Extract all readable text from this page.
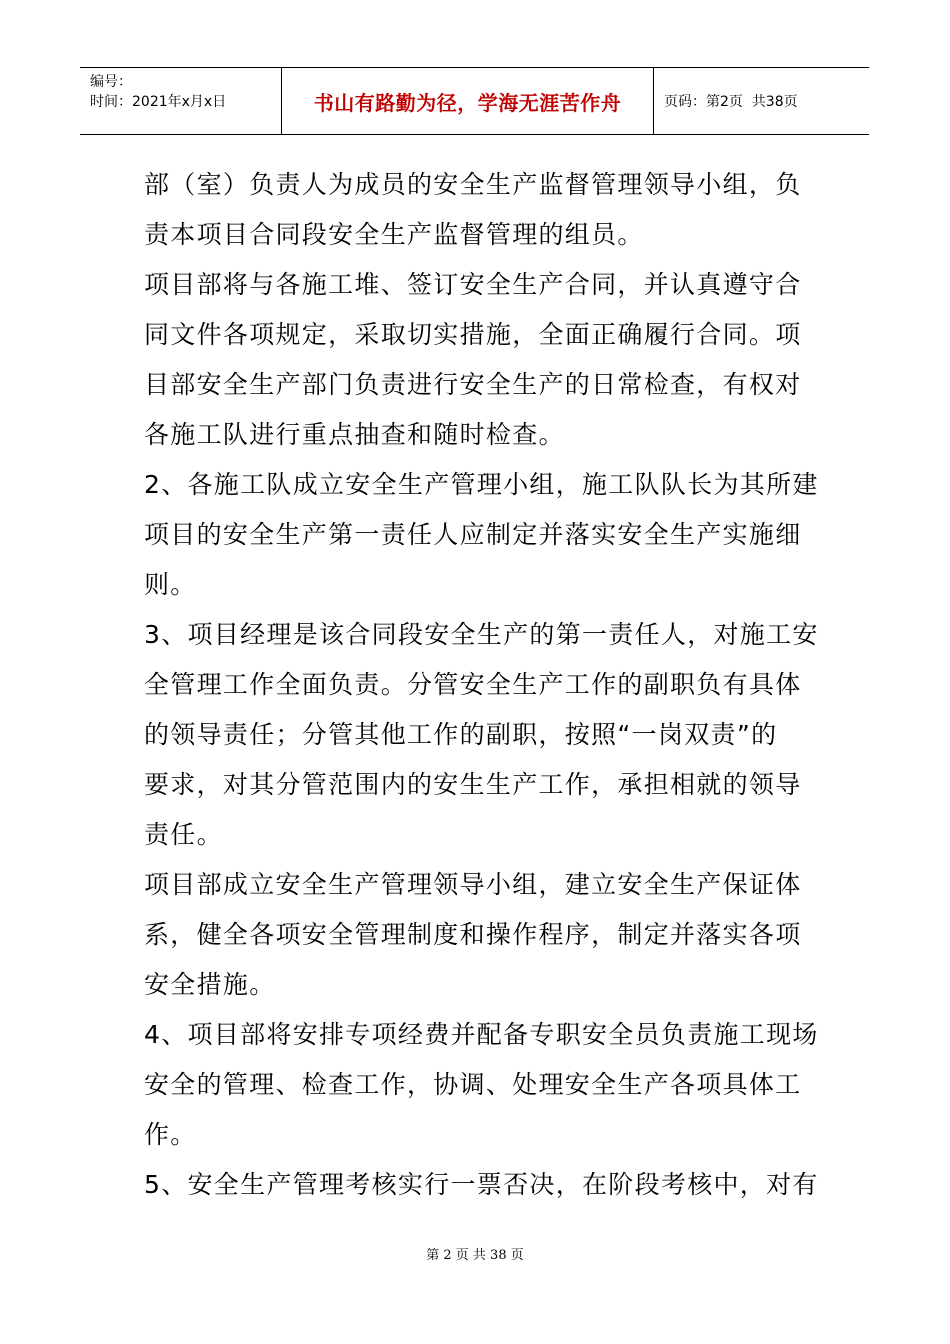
编号：
时间：2021年x月x日	书山有路勤为径，学海无涯苦作舟	页码：第2页  共38页

部（室）负责人为成员的安全生产监督管理领导小组，负

责本项目合同段安全生产监督管理的组员。

项目部将与各施工堆、签订安全生产合同，并认真遵守合

同文件各项规定，采取切实措施，全面正确履行合同。项

目部安全生产部门负责进行安全生产的日常检查，有权对

各施工队进行重点抽查和随时检查。

2、各施工队成立安全生产管理小组，施工队队长为其所建

项目的安全生产第一责任人应制定并落实安全生产实施细

则。

3、项目经理是该合同段安全生产的第一责任人，对施工安

全管理工作全面负责。分管安全生产工作的副职负有具体

的领导责任；分管其他工作的副职，按照“一岗双责”的

要求，对其分管范围内的安生生产工作，承担相就的领导

责任。

项目部成立安全生产管理领导小组，建立安全生产保证体

系，健全各项安全管理制度和操作程序，制定并落实各项

安全措施。

4、项目部将安排专项经费并配备专职安全员负责施工现场

安全的管理、检查工作，协调、处理安全生产各项具体工

作。

5、安全生产管理考核实行一票否决，在阶段考核中，对有

第 2 页 共 38 页
